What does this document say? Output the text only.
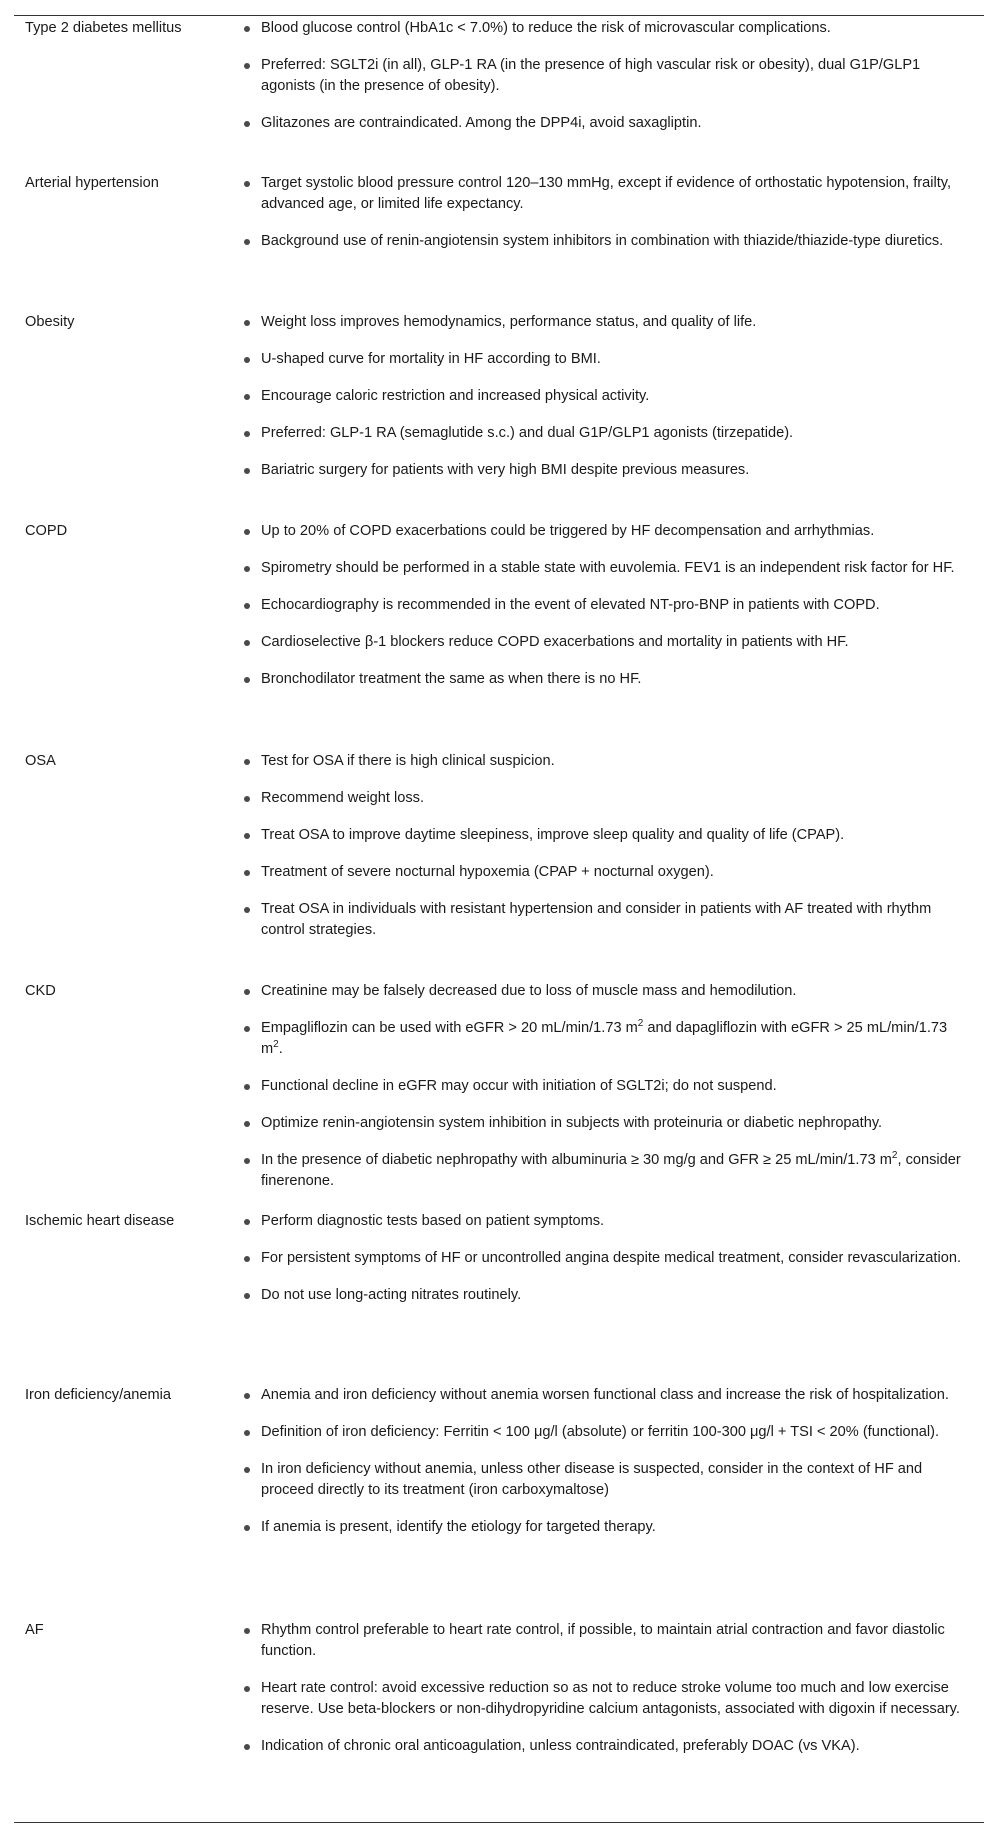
Type 2 diabetes mellitus	Blood glucose control (HbA1c < 7.0%) to reduce the risk of microvascular complications.
Preferred: SGLT2i (in all), GLP-1 RA (in the presence of high vascular risk or obesity), dual G1P/GLP1 agonists (in the presence of obesity).
Glitazones are contraindicated. Among the DPP4i, avoid saxagliptin.

Arterial hypertension	Target systolic blood pressure control 120–130 mmHg, except if evidence of orthostatic hypotension, frailty, advanced age, or limited life expectancy.
Background use of renin-angiotensin system inhibitors in combination with thiazide/thiazide-type diuretics.

Obesity	Weight loss improves hemodynamics, performance status, and quality of life.
U-shaped curve for mortality in HF according to BMI.
Encourage caloric restriction and increased physical activity.
Preferred: GLP-1 RA (semaglutide s.c.) and dual G1P/GLP1 agonists (tirzepatide).
Bariatric surgery for patients with very high BMI despite previous measures.

COPD	Up to 20% of COPD exacerbations could be triggered by HF decompensation and arrhythmias.
Spirometry should be performed in a stable state with euvolemia. FEV1 is an independent risk factor for HF.
Echocardiography is recommended in the event of elevated NT-pro-BNP in patients with COPD.
Cardioselective β-1 blockers reduce COPD exacerbations and mortality in patients with HF.
Bronchodilator treatment the same as when there is no HF.

OSA	Test for OSA if there is high clinical suspicion.
Recommend weight loss.
Treat OSA to improve daytime sleepiness, improve sleep quality and quality of life (CPAP).
Treatment of severe nocturnal hypoxemia (CPAP + nocturnal oxygen).
Treat OSA in individuals with resistant hypertension and consider in patients with AF treated with rhythm control strategies.

CKD	Creatinine may be falsely decreased due to loss of muscle mass and hemodilution.
Empagliflozin can be used with eGFR > 20 mL/min/1.73 $m^2$ and dapagliflozin with eGFR > 25 mL/min/1.73 $m^2$.
Functional decline in eGFR may occur with initiation of SGLT2i; do not suspend.
Optimize renin-angiotensin system inhibition in subjects with proteinuria or diabetic nephropathy.
In the presence of diabetic nephropathy with albuminuria ≥ 30 mg/g and GFR ≥ 25 mL/min/1.73 $m^2$, consider finerenone.

Ischemic heart disease	Perform diagnostic tests based on patient symptoms.
For persistent symptoms of HF or uncontrolled angina despite medical treatment, consider revascularization.
Do not use long-acting nitrates routinely.

Iron deficiency/anemia	Anemia and iron deficiency without anemia worsen functional class and increase the risk of hospitalization.
Definition of iron deficiency: Ferritin < 100 μg/l (absolute) or ferritin 100-300 μg/l + TSI < 20% (functional).
In iron deficiency without anemia, unless other disease is suspected, consider in the context of HF and proceed directly to its treatment (iron carboxymaltose)
If anemia is present, identify the etiology for targeted therapy.

AF	Rhythm control preferable to heart rate control, if possible, to maintain atrial contraction and favor diastolic function.
Heart rate control: avoid excessive reduction so as not to reduce stroke volume too much and low exercise reserve. Use beta-blockers or non-dihydropyridine calcium antagonists, associated with digoxin if necessary.
Indication of chronic oral anticoagulation, unless contraindicated, preferably DOAC (vs VKA).
